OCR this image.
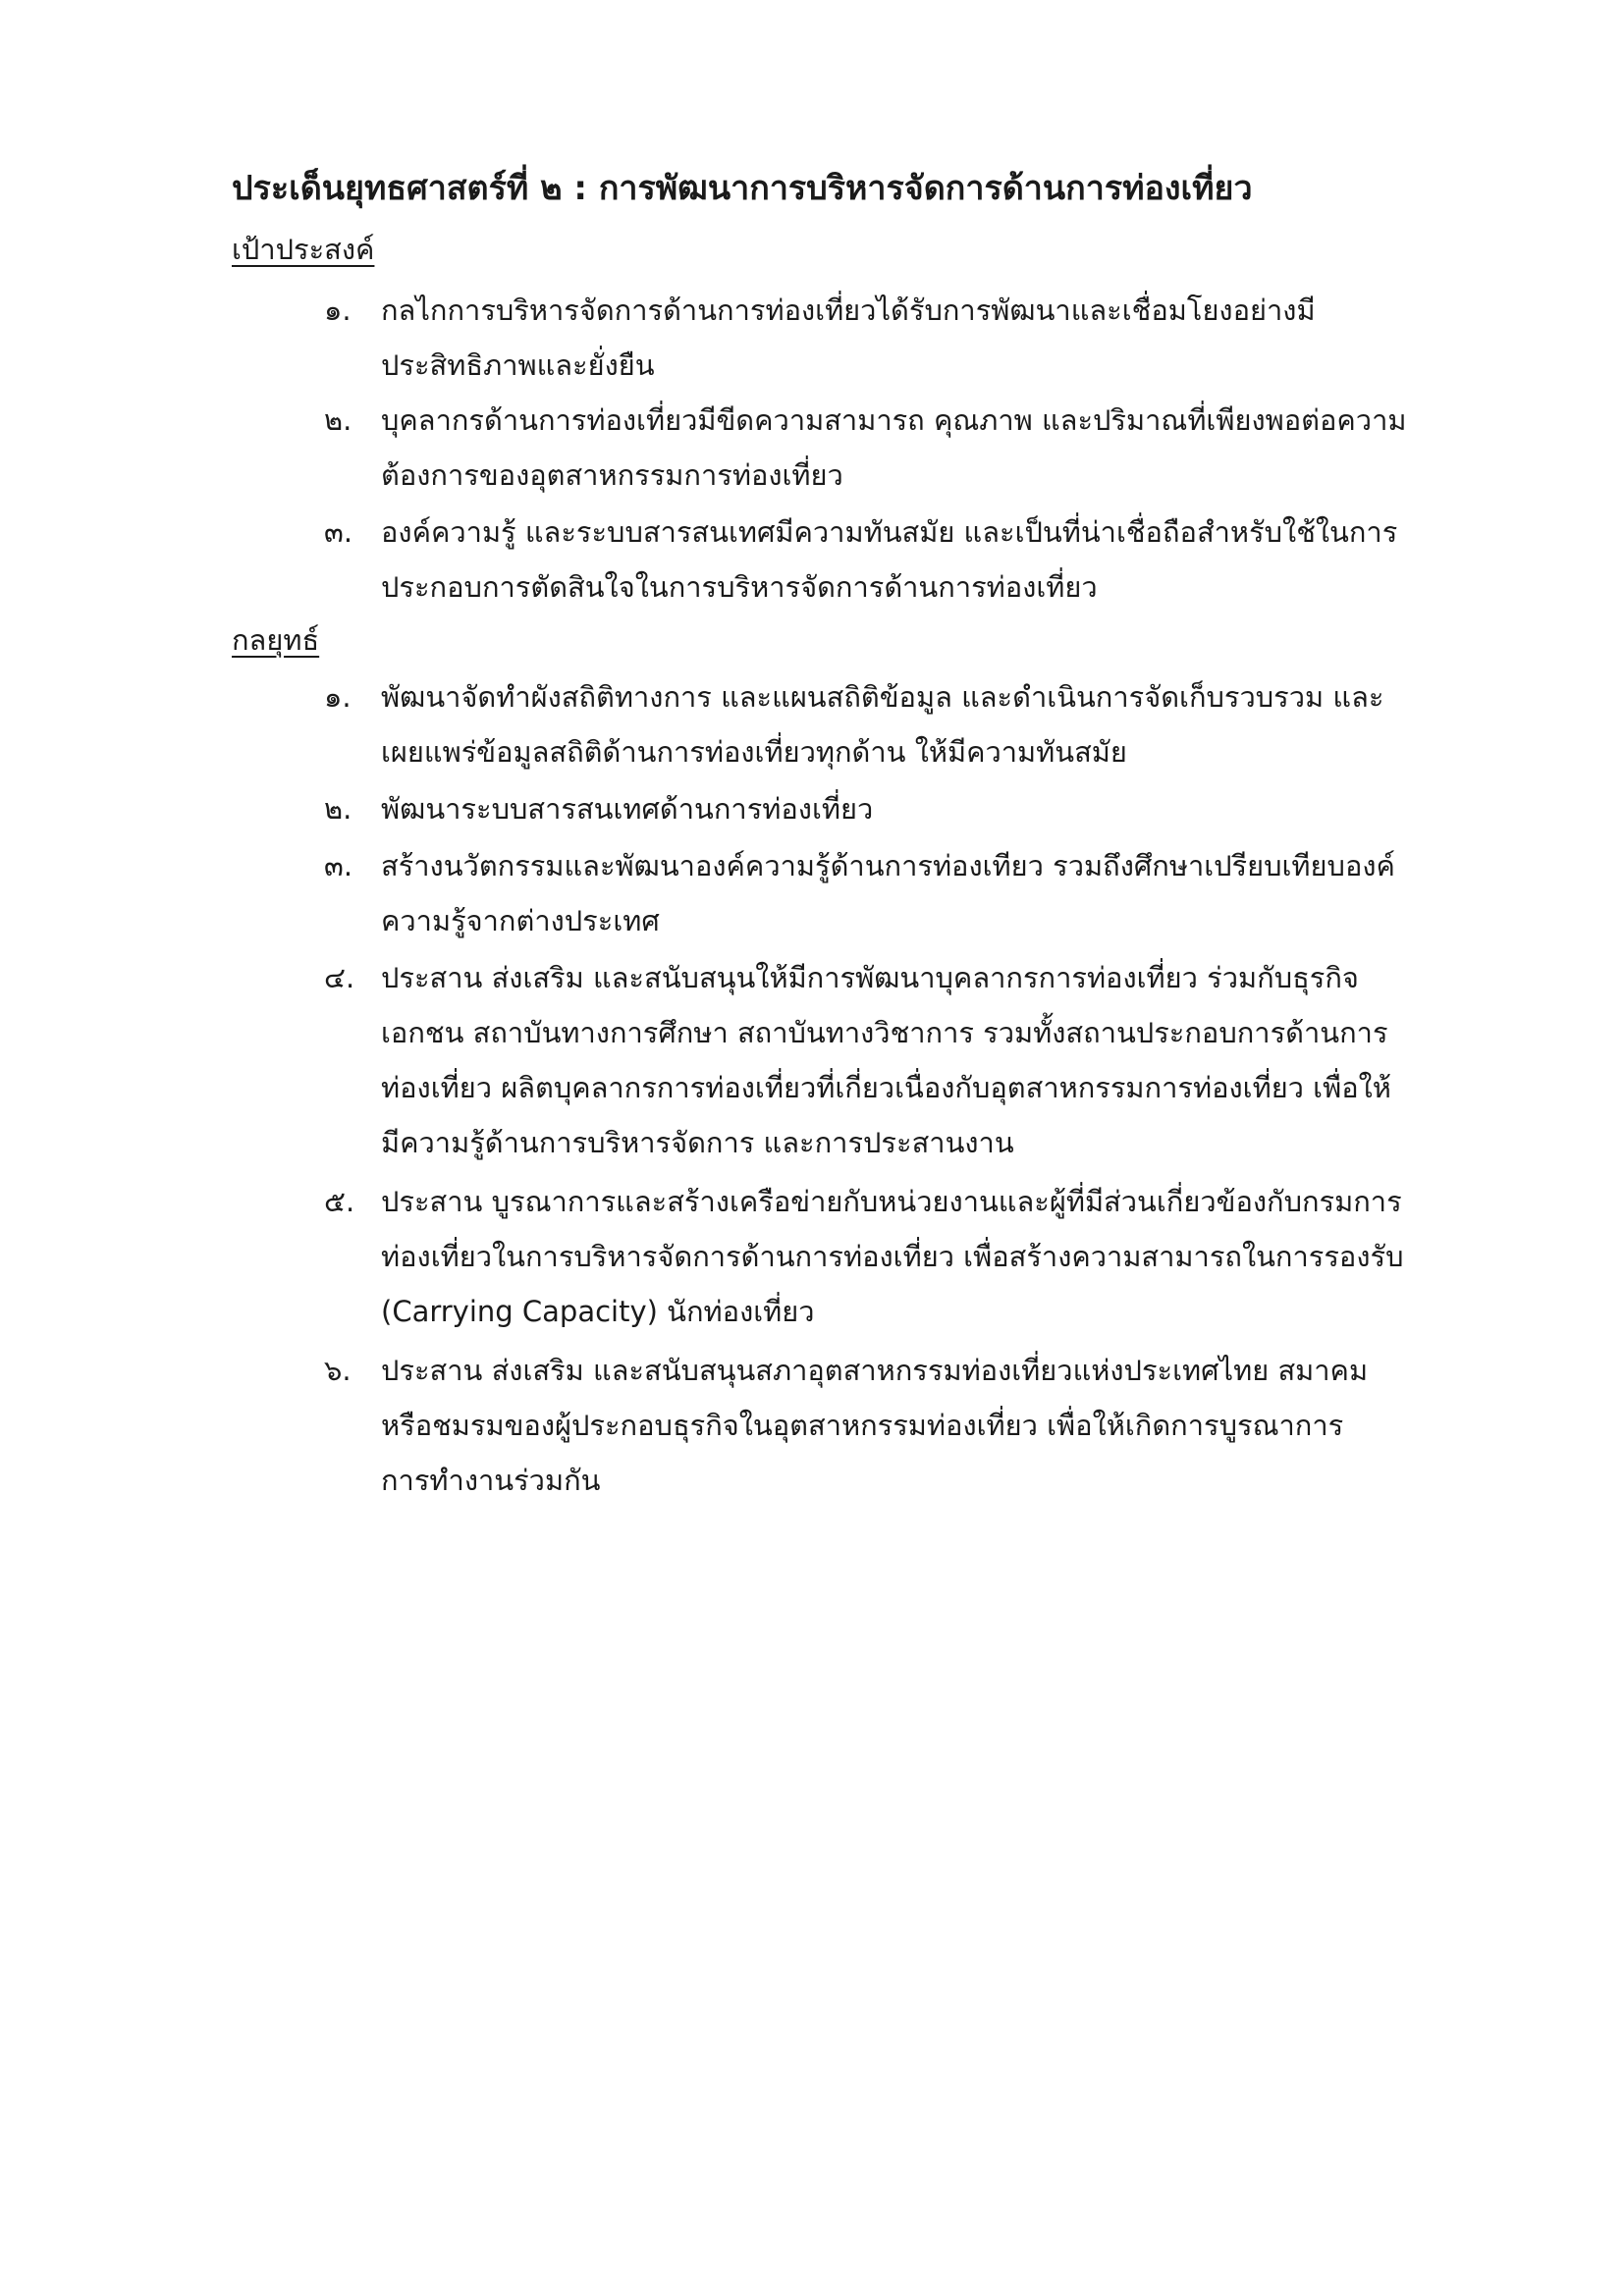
ประเด็นยุทธศาสตร์ที่ ๒ : การพัฒนาการบริหารจัดการด้านการท่องเที่ยว
เป้าประสงค์
๑.	กลไกการบริหารจัดการด้านการท่องเที่ยวได้รับการพัฒนาและเชื่อมโยงอย่างมี
ประสิทธิภาพและยั่งยืน
๒.	บุคลากรด้านการท่องเที่ยวมีขีดความสามารถ คุณภาพ และปริมาณที่เพียงพอต่อความ
ต้องการของอุตสาหกรรมการท่องเที่ยว
๓. องค์ความรู้ และระบบสารสนเทศมีความทันสมัย และเป็นที่น่าเชื่อถือสำหรับใช้ในการ
ประกอบการตัดสินใจในการบริหารจัดการด้านการท่องเที่ยว
กลยุทธ์
๑.	พัฒนาจัดทำผังสถิติทางการ และแผนสถิติข้อมูล และดำเนินการจัดเก็บรวบรวม และ
เผยแพร่ข้อมูลสถิติด้านการท่องเที่ยวทุกด้าน ให้มีความทันสมัย
๒.	พัฒนาระบบสารสนเทศด้านการท่องเที่ยว
๓. สร้างนวัตกรรมและพัฒนาองค์ความรู้ด้านการท่องเทียว รวมถึงศึกษาเปรียบเทียบองค์
ความรู้จากต่างประเทศ
๔. ประสาน ส่งเสริม และสนับสนุนให้มีการพัฒนาบุคลากรการท่องเที่ยว ร่วมกับธุรกิจ
เอกชน สถาบันทางการศึกษา สถาบันทางวิชาการ รวมทั้งสถานประกอบการด้านการ
ท่องเที่ยว ผลิตบุคลากรการท่องเที่ยวที่เกี่ยวเนื่องกับอุตสาหกรรมการท่องเที่ยว เพื่อให้
มีความรู้ด้านการบริหารจัดการ และการประสานงาน
๕. ประสาน บูรณาการและสร้างเครือข่ายกับหน่วยงานและผู้ที่มีส่วนเกี่ยวข้องกับกรมการ
ท่องเที่ยวในการบริหารจัดการด้านการท่องเที่ยว เพื่อสร้างความสามารถในการรองรับ
(Carrying Capacity) นักท่องเที่ยว
๖.	ประสาน ส่งเสริม และสนับสนุนสภาอุตสาหกรรมท่องเที่ยวแห่งประเทศไทย สมาคม
หรือชมรมของผู้ประกอบธุรกิจในอุตสาหกรรมท่องเที่ยว เพื่อให้เกิดการบูรณาการ
การทำงานร่วมกัน
